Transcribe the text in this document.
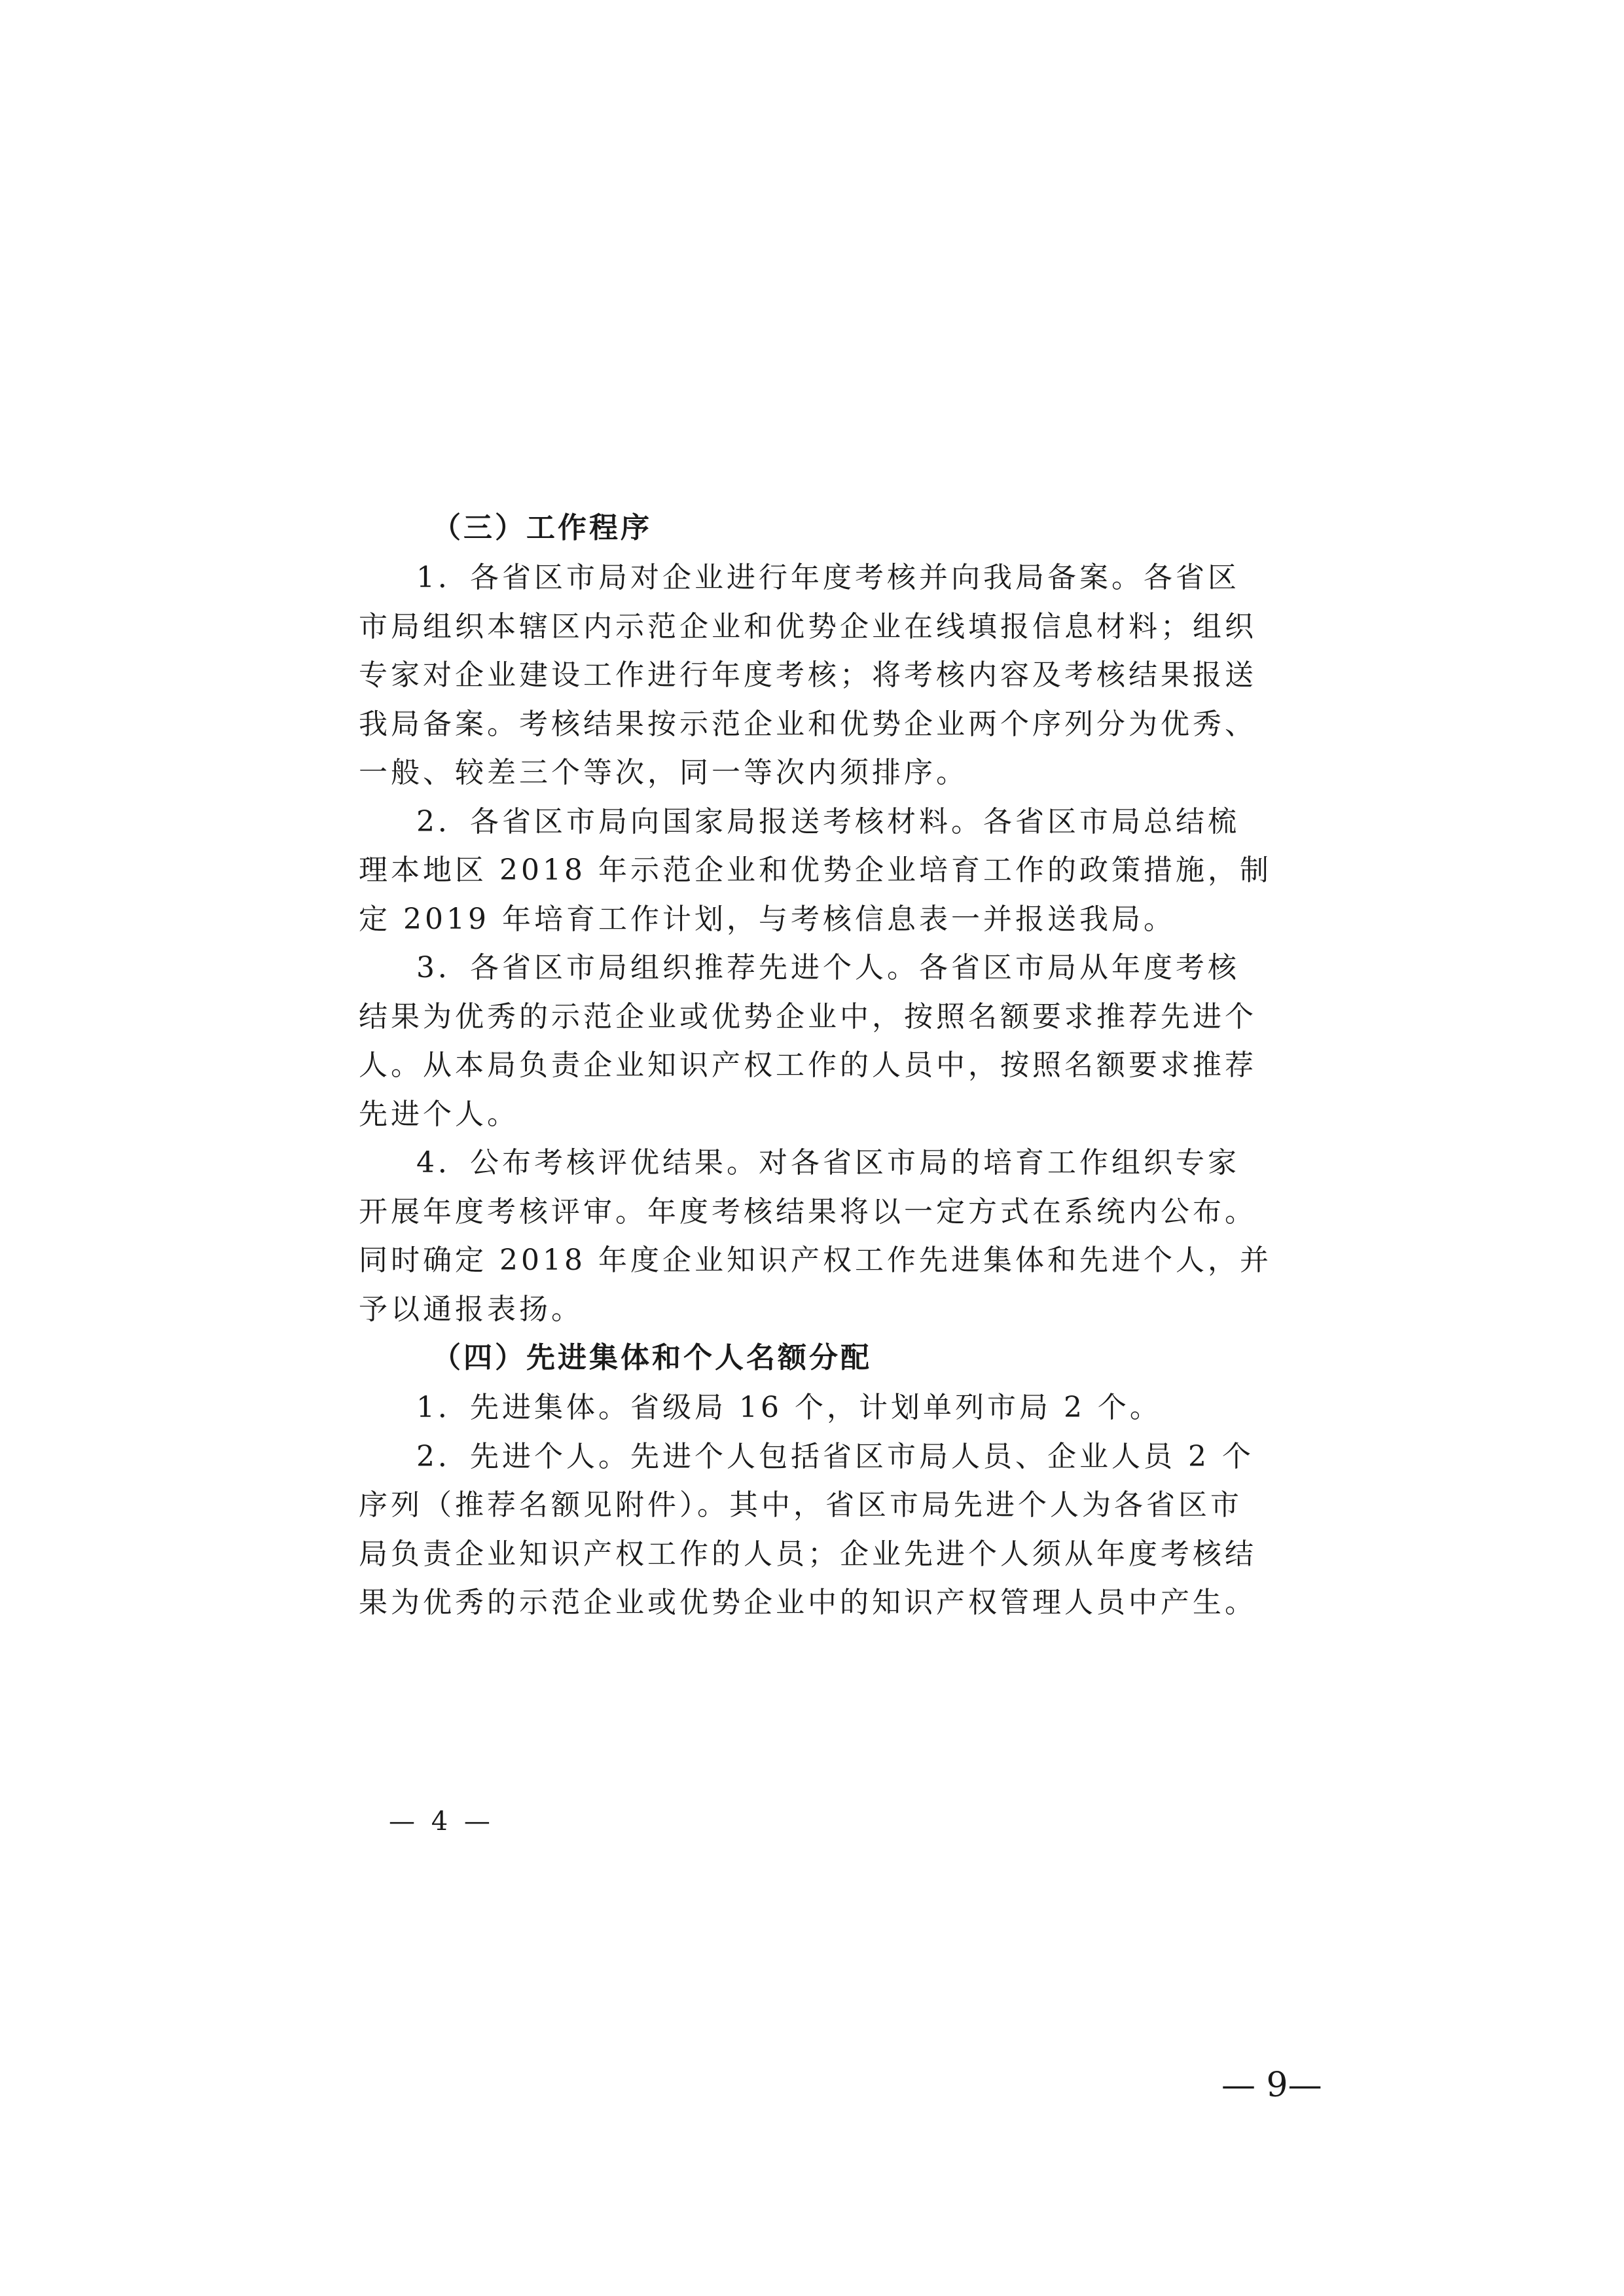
（三）工作程序

1．各省区市局对企业进行年度考核并向我局备案。各省区
市局组织本辖区内示范企业和优势企业在线填报信息材料；组织
专家对企业建设工作进行年度考核；将考核内容及考核结果报送
我局备案。考核结果按示范企业和优势企业两个序列分为优秀、
一般、较差三个等次，同一等次内须排序。

2．各省区市局向国家局报送考核材料。各省区市局总结梳
理本地区 2018 年示范企业和优势企业培育工作的政策措施，制
定 2019 年培育工作计划，与考核信息表一并报送我局。

3．各省区市局组织推荐先进个人。各省区市局从年度考核
结果为优秀的示范企业或优势企业中，按照名额要求推荐先进个
人。从本局负责企业知识产权工作的人员中，按照名额要求推荐
先进个人。

4．公布考核评优结果。对各省区市局的培育工作组织专家
开展年度考核评审。年度考核结果将以一定方式在系统内公布。
同时确定 2018 年度企业知识产权工作先进集体和先进个人，并
予以通报表扬。

（四）先进集体和个人名额分配

1．先进集体。省级局 16 个，计划单列市局 2 个。

2．先进个人。先进个人包括省区市局人员、企业人员 2 个
序列（推荐名额见附件）。其中，省区市局先进个人为各省区市
局负责企业知识产权工作的人员；企业先进个人须从年度考核结
果为优秀的示范企业或优势企业中的知识产权管理人员中产生。

— 4 —
— 9—
